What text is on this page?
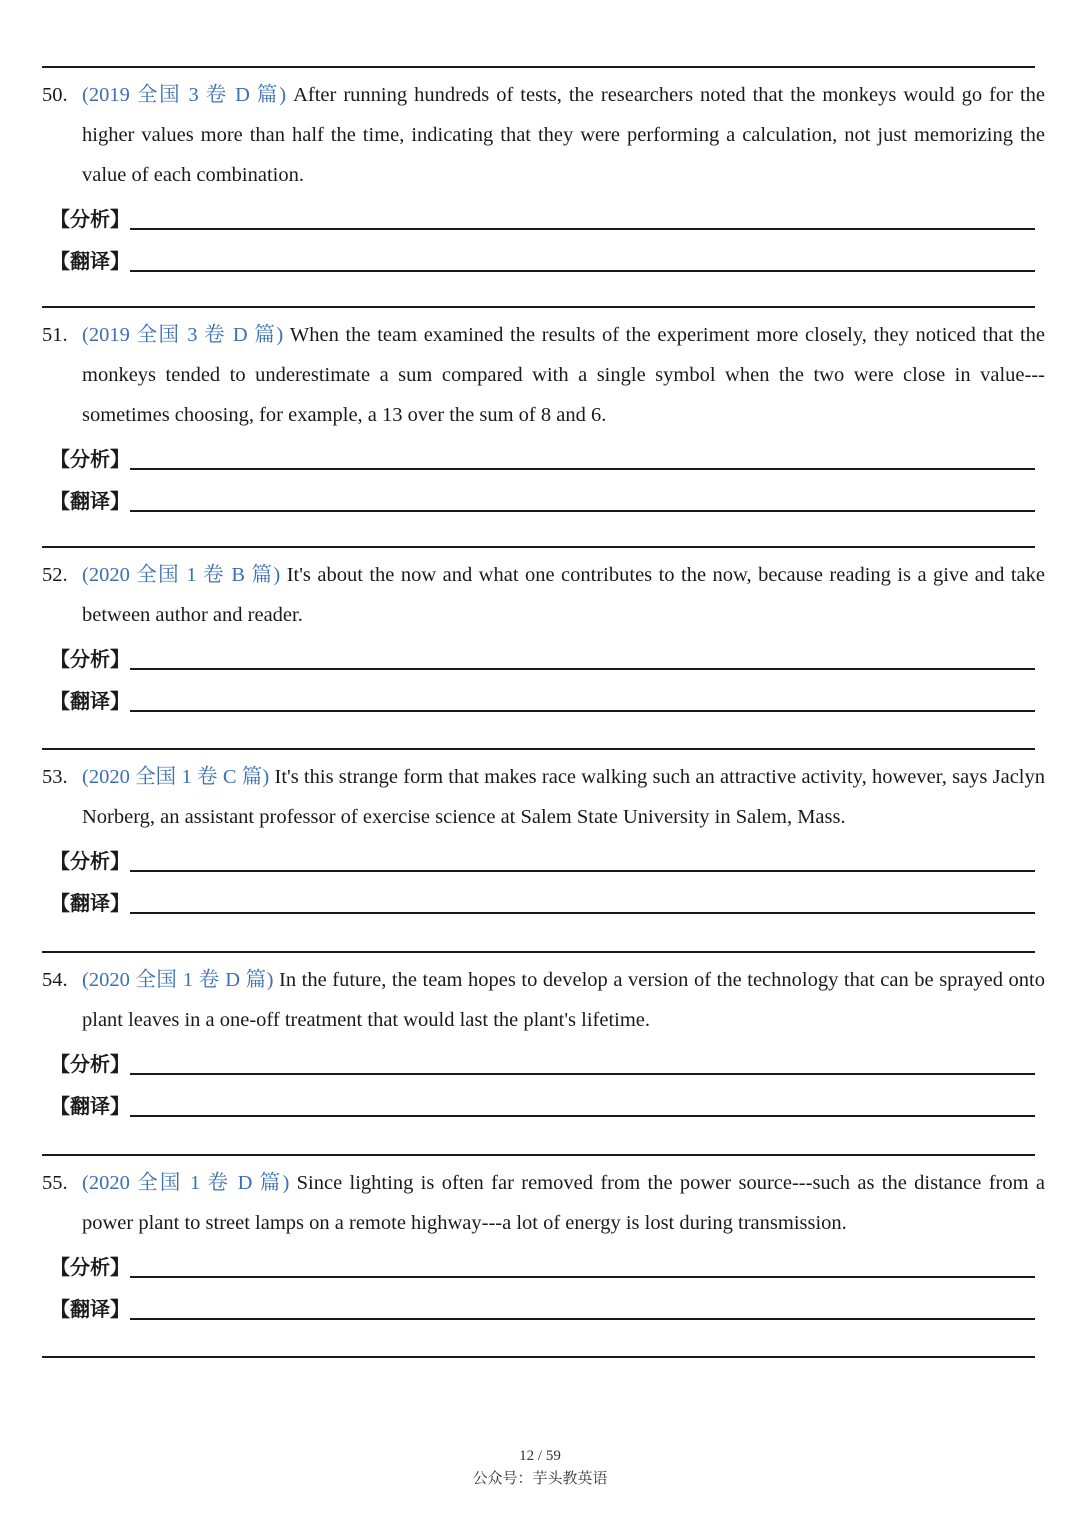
50. (2019 全国 3 卷 D 篇) After running hundreds of tests, the researchers noted that the monkeys would go for the higher values more than half the time, indicating that they were performing a calculation, not just memorizing the value of each combination.
【分析】
【翻译】
51. (2019 全国 3 卷 D 篇) When the team examined the results of the experiment more closely, they noticed that the monkeys tended to underestimate a sum compared with a single symbol when the two were close in value---sometimes choosing, for example, a 13 over the sum of 8 and 6.
【分析】
【翻译】
52. (2020 全国 1 卷 B 篇) It's about the now and what one contributes to the now, because reading is a give and take between author and reader.
【分析】
【翻译】
53. (2020 全国 1 卷 C 篇) It's this strange form that makes race walking such an attractive activity, however, says Jaclyn Norberg, an assistant professor of exercise science at Salem State University in Salem, Mass.
【分析】
【翻译】
54. (2020 全国 1 卷 D 篇) In the future, the team hopes to develop a version of the technology that can be sprayed onto plant leaves in a one-off treatment that would last the plant's lifetime.
【分析】
【翻译】
55. (2020 全国 1 卷 D 篇) Since lighting is often far removed from the power source---such as the distance from a power plant to street lamps on a remote highway---a lot of energy is lost during transmission.
【分析】
【翻译】
12 / 59
公众号：芋头教英语
